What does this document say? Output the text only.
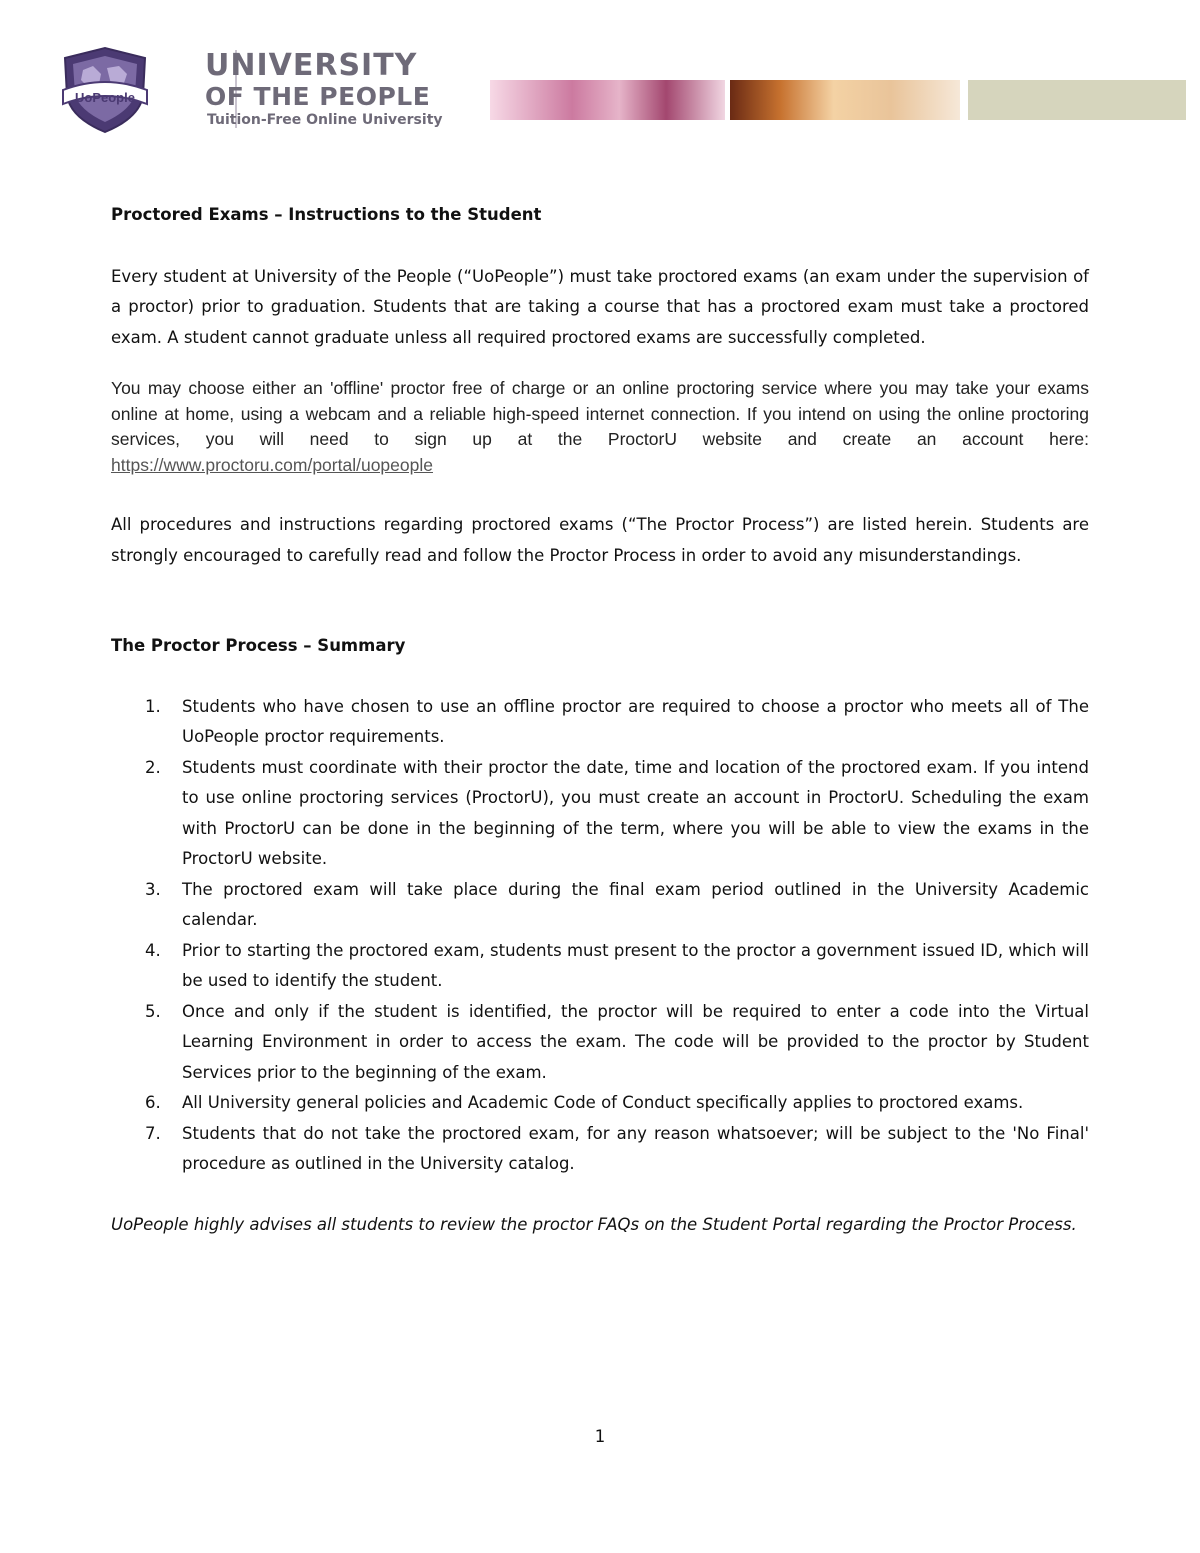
UoPeople
UNIVERSITY
OF THE PEOPLE
Tuition-Free Online University

Proctored Exams – Instructions to the Student

Every student at University of the People (“UoPeople”) must take proctored exams (an exam under the supervision of a proctor) prior to graduation. Students that are taking a course that has a proctored exam must take a proctored exam. A student cannot graduate unless all required proctored exams are successfully completed.

You may choose either an 'offline' proctor free of charge or an online proctoring service where you may take your exams online at home, using a webcam and a reliable high-speed internet connection. If you intend on using the online proctoring services, you will need to sign up at the ProctorU website and create an account here: https://www.proctoru.com/portal/uopeople

All procedures and instructions regarding proctored exams (“The Proctor Process”) are listed herein. Students are strongly encouraged to carefully read and follow the Proctor Process in order to avoid any misunderstandings.

The Proctor Process – Summary

1. Students who have chosen to use an offline proctor are required to choose a proctor who meets all of The UoPeople proctor requirements.
2. Students must coordinate with their proctor the date, time and location of the proctored exam. If you intend to use online proctoring services (ProctorU), you must create an account in ProctorU. Scheduling the exam with ProctorU can be done in the beginning of the term, where you will be able to view the exams in the ProctorU website.
3. The proctored exam will take place during the final exam period outlined in the University Academic calendar.
4. Prior to starting the proctored exam, students must present to the proctor a government issued ID, which will be used to identify the student.
5. Once and only if the student is identified, the proctor will be required to enter a code into the Virtual Learning Environment in order to access the exam. The code will be provided to the proctor by Student Services prior to the beginning of the exam.
6. All University general policies and Academic Code of Conduct specifically applies to proctored exams.
7. Students that do not take the proctored exam, for any reason whatsoever; will be subject to the 'No Final' procedure as outlined in the University catalog.

UoPeople highly advises all students to review the proctor FAQs on the Student Portal regarding the Proctor Process.

1
